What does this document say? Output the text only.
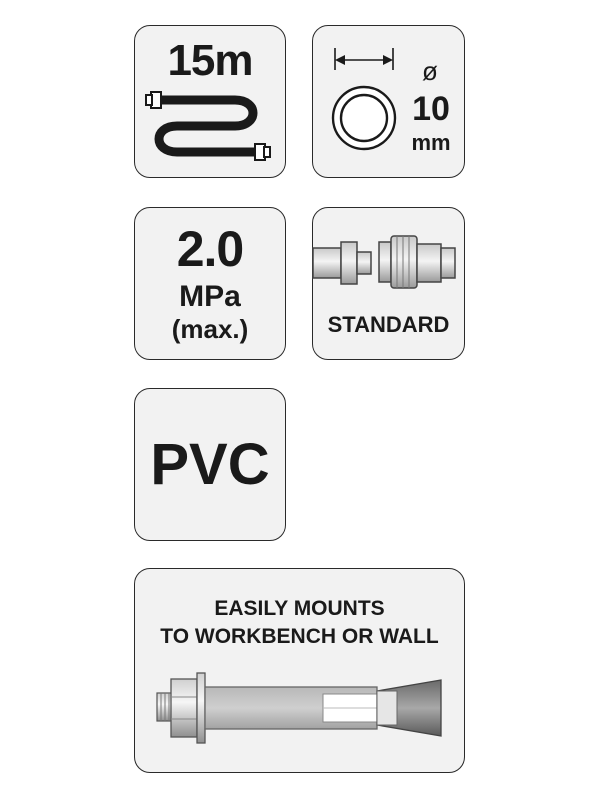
15m	ø
10
mm
2.0
MPa
(max.)	STANDARD
PVC
EASILY MOUNTS
TO WORKBENCH OR WALL
